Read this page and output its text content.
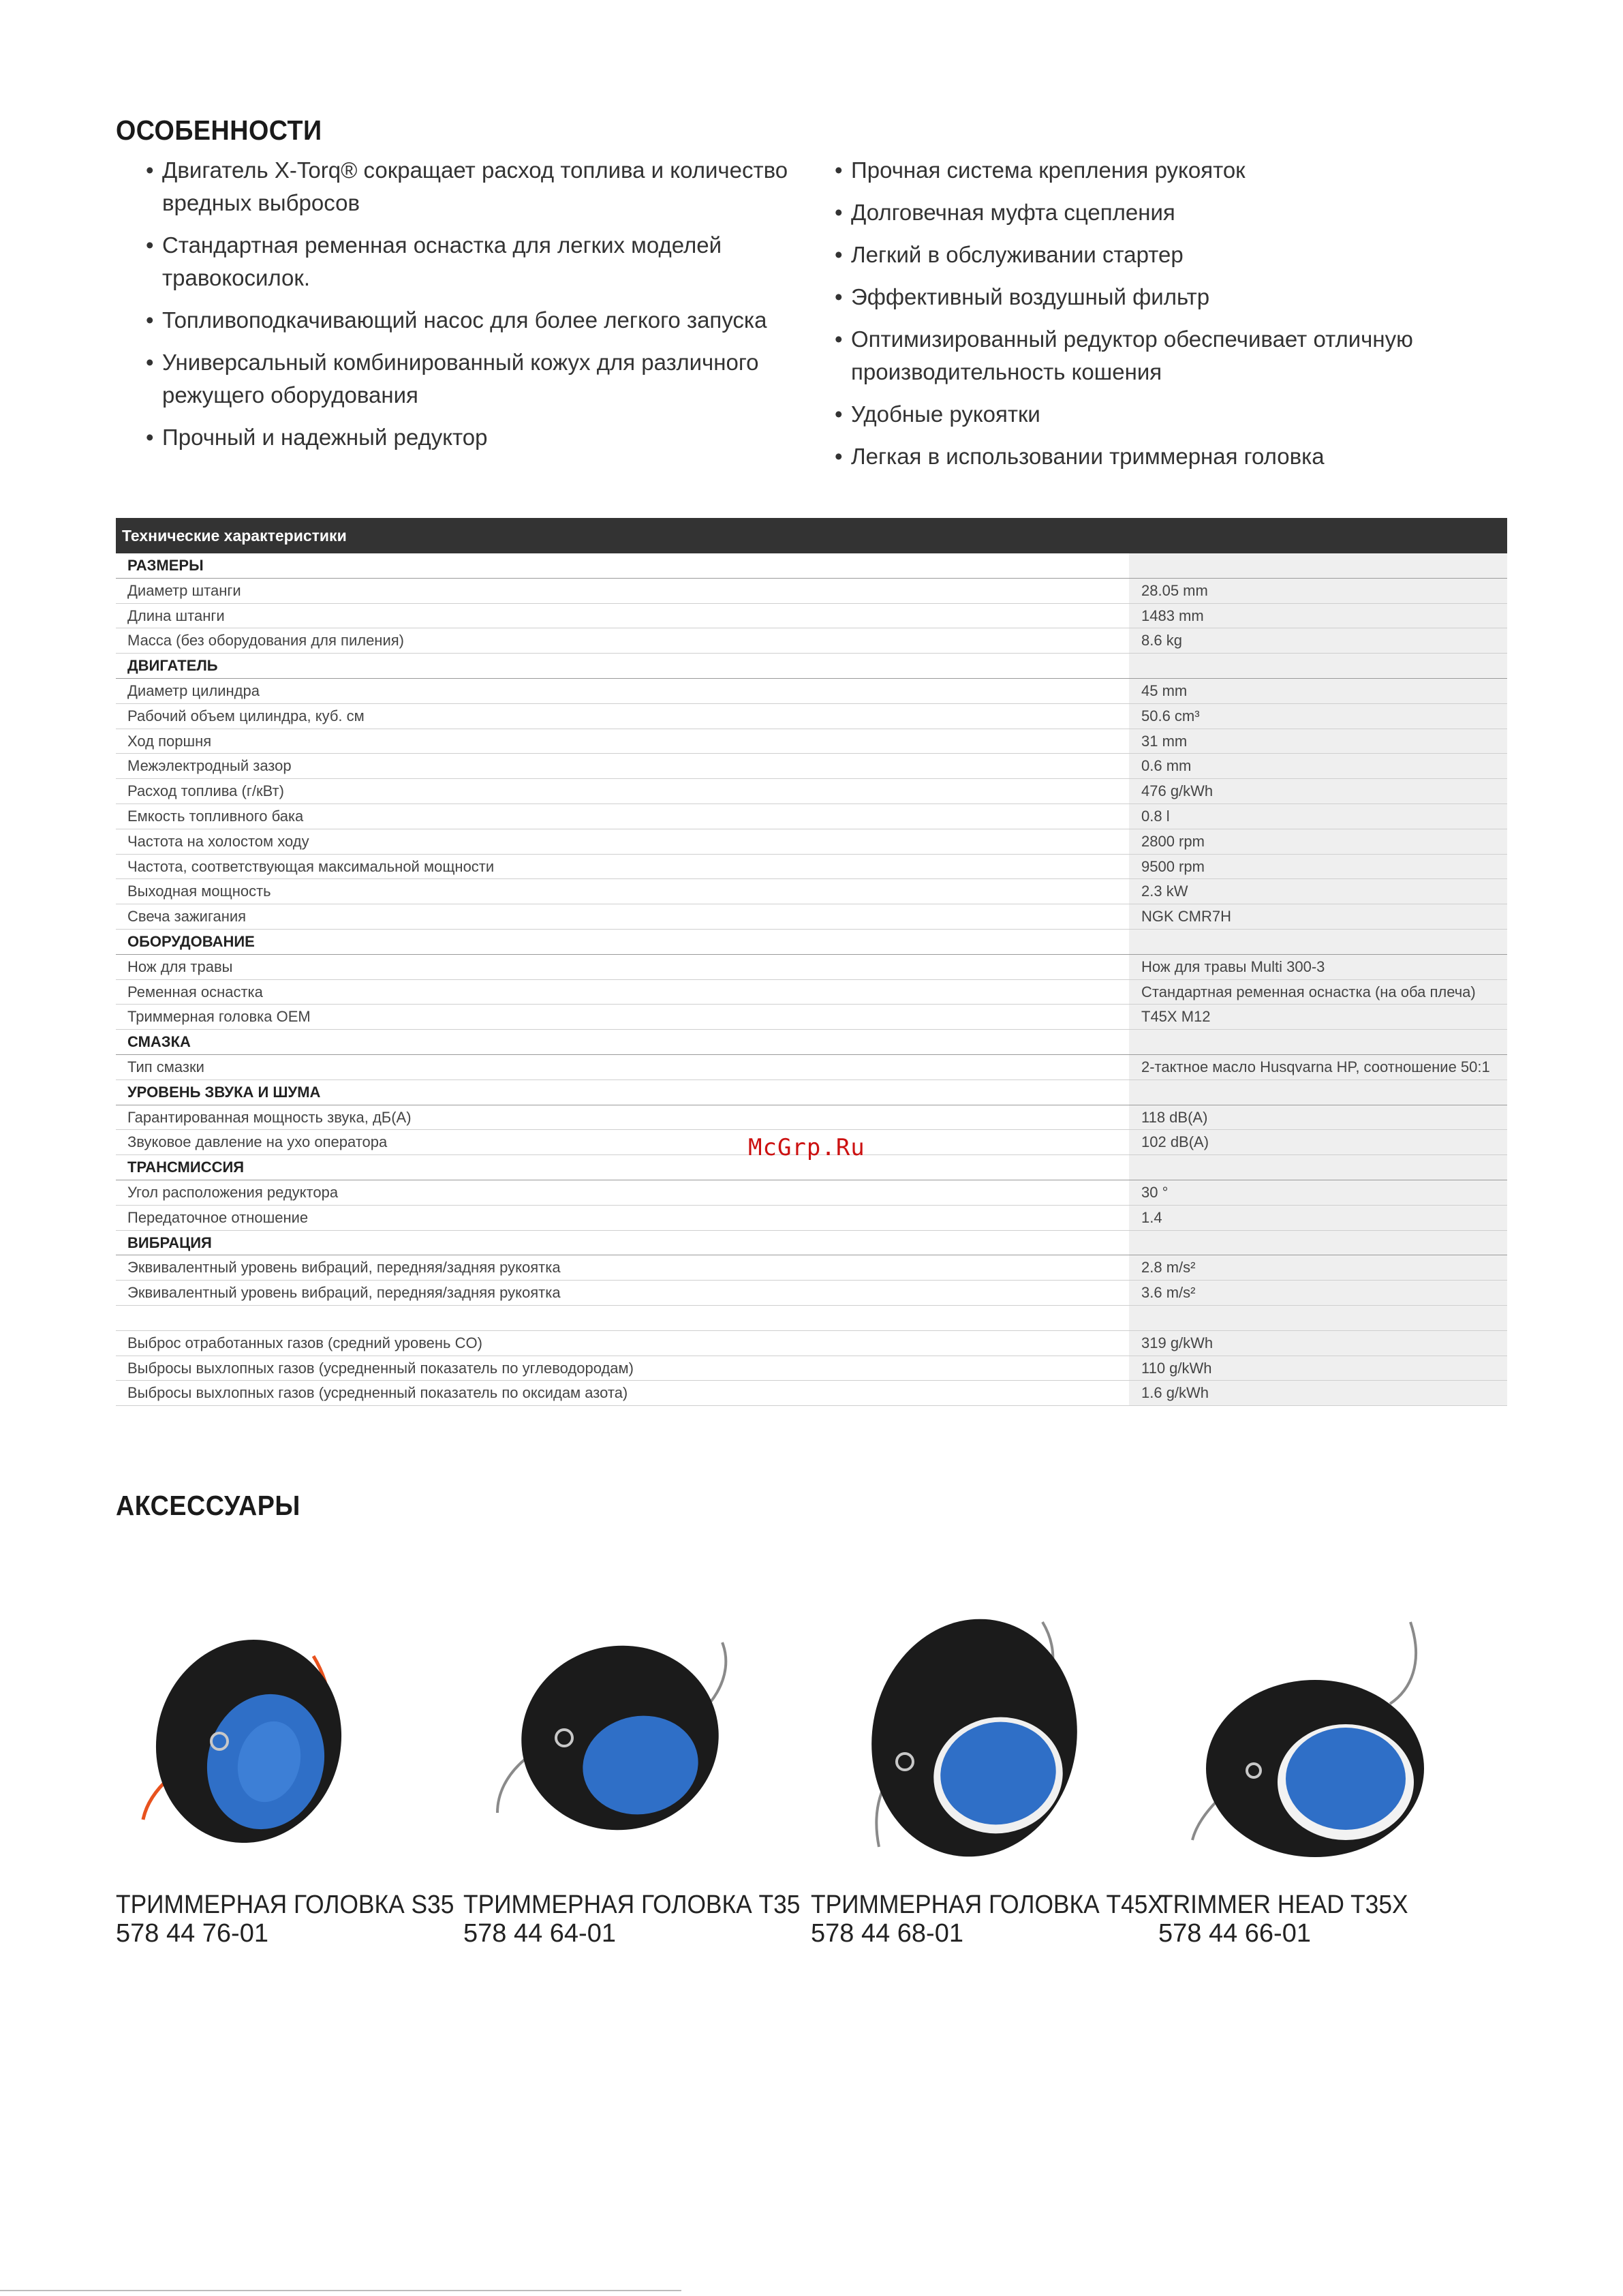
ОСОБЕННОСТИ
• Двигатель X-Torq® сокращает расход топлива и количество вредных выбросов
• Стандартная ременная оснастка для легких моделей травокосилок.
• Топливоподкачивающий насос для более легкого запуска
• Универсальный комбинированный кожух для различного режущего оборудования
• Прочный и надежный редуктор
• Прочная система крепления рукояток
• Долговечная муфта сцепления
• Легкий в обслуживании стартер
• Эффективный воздушный фильтр
• Оптимизированный редуктор обеспечивает отличную производительность кошения
• Удобные рукоятки
• Легкая в использовании триммерная головка
Технические характеристики
РАЗМЕРЫ
Диаметр штанги	28.05 mm
Длина штанги	1483 mm
Масса (без оборудования для пиления)	8.6 kg
ДВИГАТЕЛЬ
Диаметр цилиндра	45 mm
Рабочий объем цилиндра, куб. см	50.6 cm³
Ход поршня	31 mm
Межэлектродный зазор	0.6 mm
Расход топлива (г/кВт)	476 g/kWh
Емкость топливного бака	0.8 l
Частота на холостом ходу	2800 rpm
Частота, соответствующая максимальной мощности	9500 rpm
Выходная мощность	2.3 kW
Свеча зажигания	NGK CMR7H
ОБОРУДОВАНИЕ
Нож для травы	Нож для травы Multi 300-3
Ременная оснастка	Стандартная ременная оснастка (на оба плеча)
Триммерная головка OEM	T45X M12
СМАЗКА
Тип смазки	2-тактное масло Husqvarna HP, соотношение 50:1
УРОВЕНЬ ЗВУКА И ШУМА
Гарантированная мощность звука, дБ(А)	118 dB(A)
Звуковое давление на ухо оператора	102 dB(A)
ТРАНСМИССИЯ
Угол расположения редуктора	30 °
Передаточное отношение	1.4
ВИБРАЦИЯ
Эквивалентный уровень вибраций, передняя/задняя рукоятка	2.8 m/s²
Эквивалентный уровень вибраций, передняя/задняя рукоятка	3.6 m/s²
Выброс отработанных газов (средний уровень CO)	319 g/kWh
Выбросы выхлопных газов (усредненный показатель по углеводородам)	110 g/kWh
Выбросы выхлопных газов (усредненный показатель по оксидам азота)	1.6 g/kWh
McGrp.Ru
АКСЕССУАРЫ
ТРИММЕРНАЯ ГОЛОВКА S35
578 44 76-01
ТРИММЕРНАЯ ГОЛОВКА T35
578 44 64-01
ТРИММЕРНАЯ ГОЛОВКА T45X
578 44 68-01
TRIMMER HEAD T35X
578 44 66-01
